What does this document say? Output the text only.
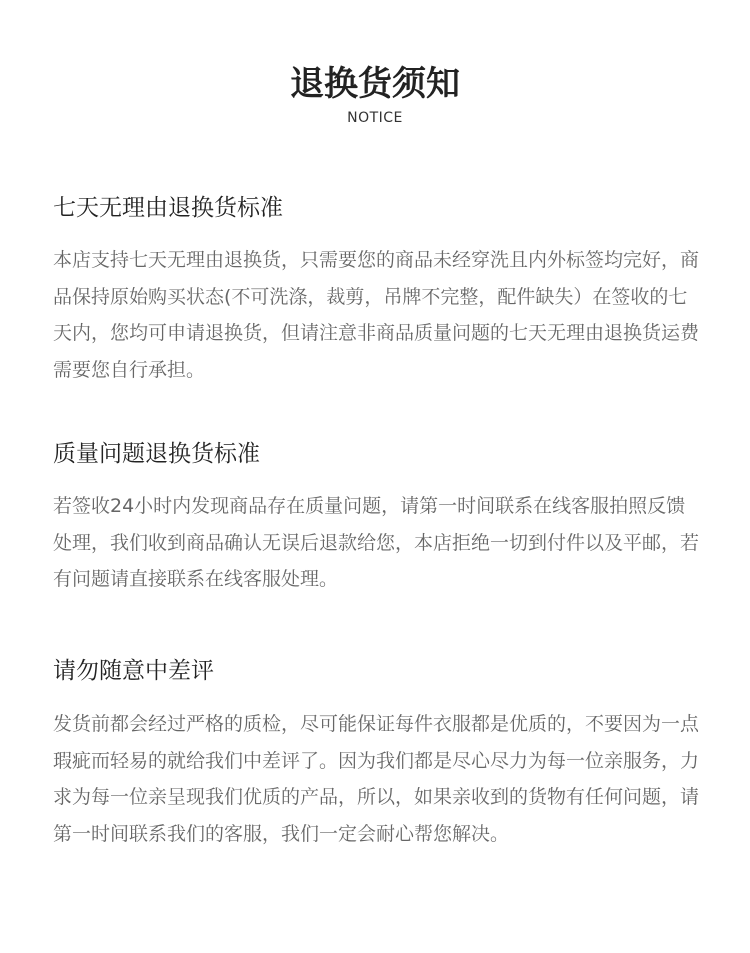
退换货须知
NOTICE
七天无理由退换货标准

本店支持七天无理由退换货，只需要您的商品未经穿洗且内外标签均完好，商品保持原始购买状态(不可洗涤，裁剪，吊牌不完整，配件缺失）在签收的七天内，您均可申请退换货，但请注意非商品质量问题的七天无理由退换货运费需要您自行承担。

质量问题退换货标准

若签收24小时内发现商品存在质量问题，请第一时间联系在线客服拍照反馈处理，我们收到商品确认无误后退款给您，本店拒绝一切到付件以及平邮，若有问题请直接联系在线客服处理。

请勿随意中差评

发货前都会经过严格的质检，尽可能保证每件衣服都是优质的，不要因为一点瑕疵而轻易的就给我们中差评了。因为我们都是尽心尽力为每一位亲服务，力求为每一位亲呈现我们优质的产品，所以，如果亲收到的货物有任何问题，请第一时间联系我们的客服，我们一定会耐心帮您解决。
